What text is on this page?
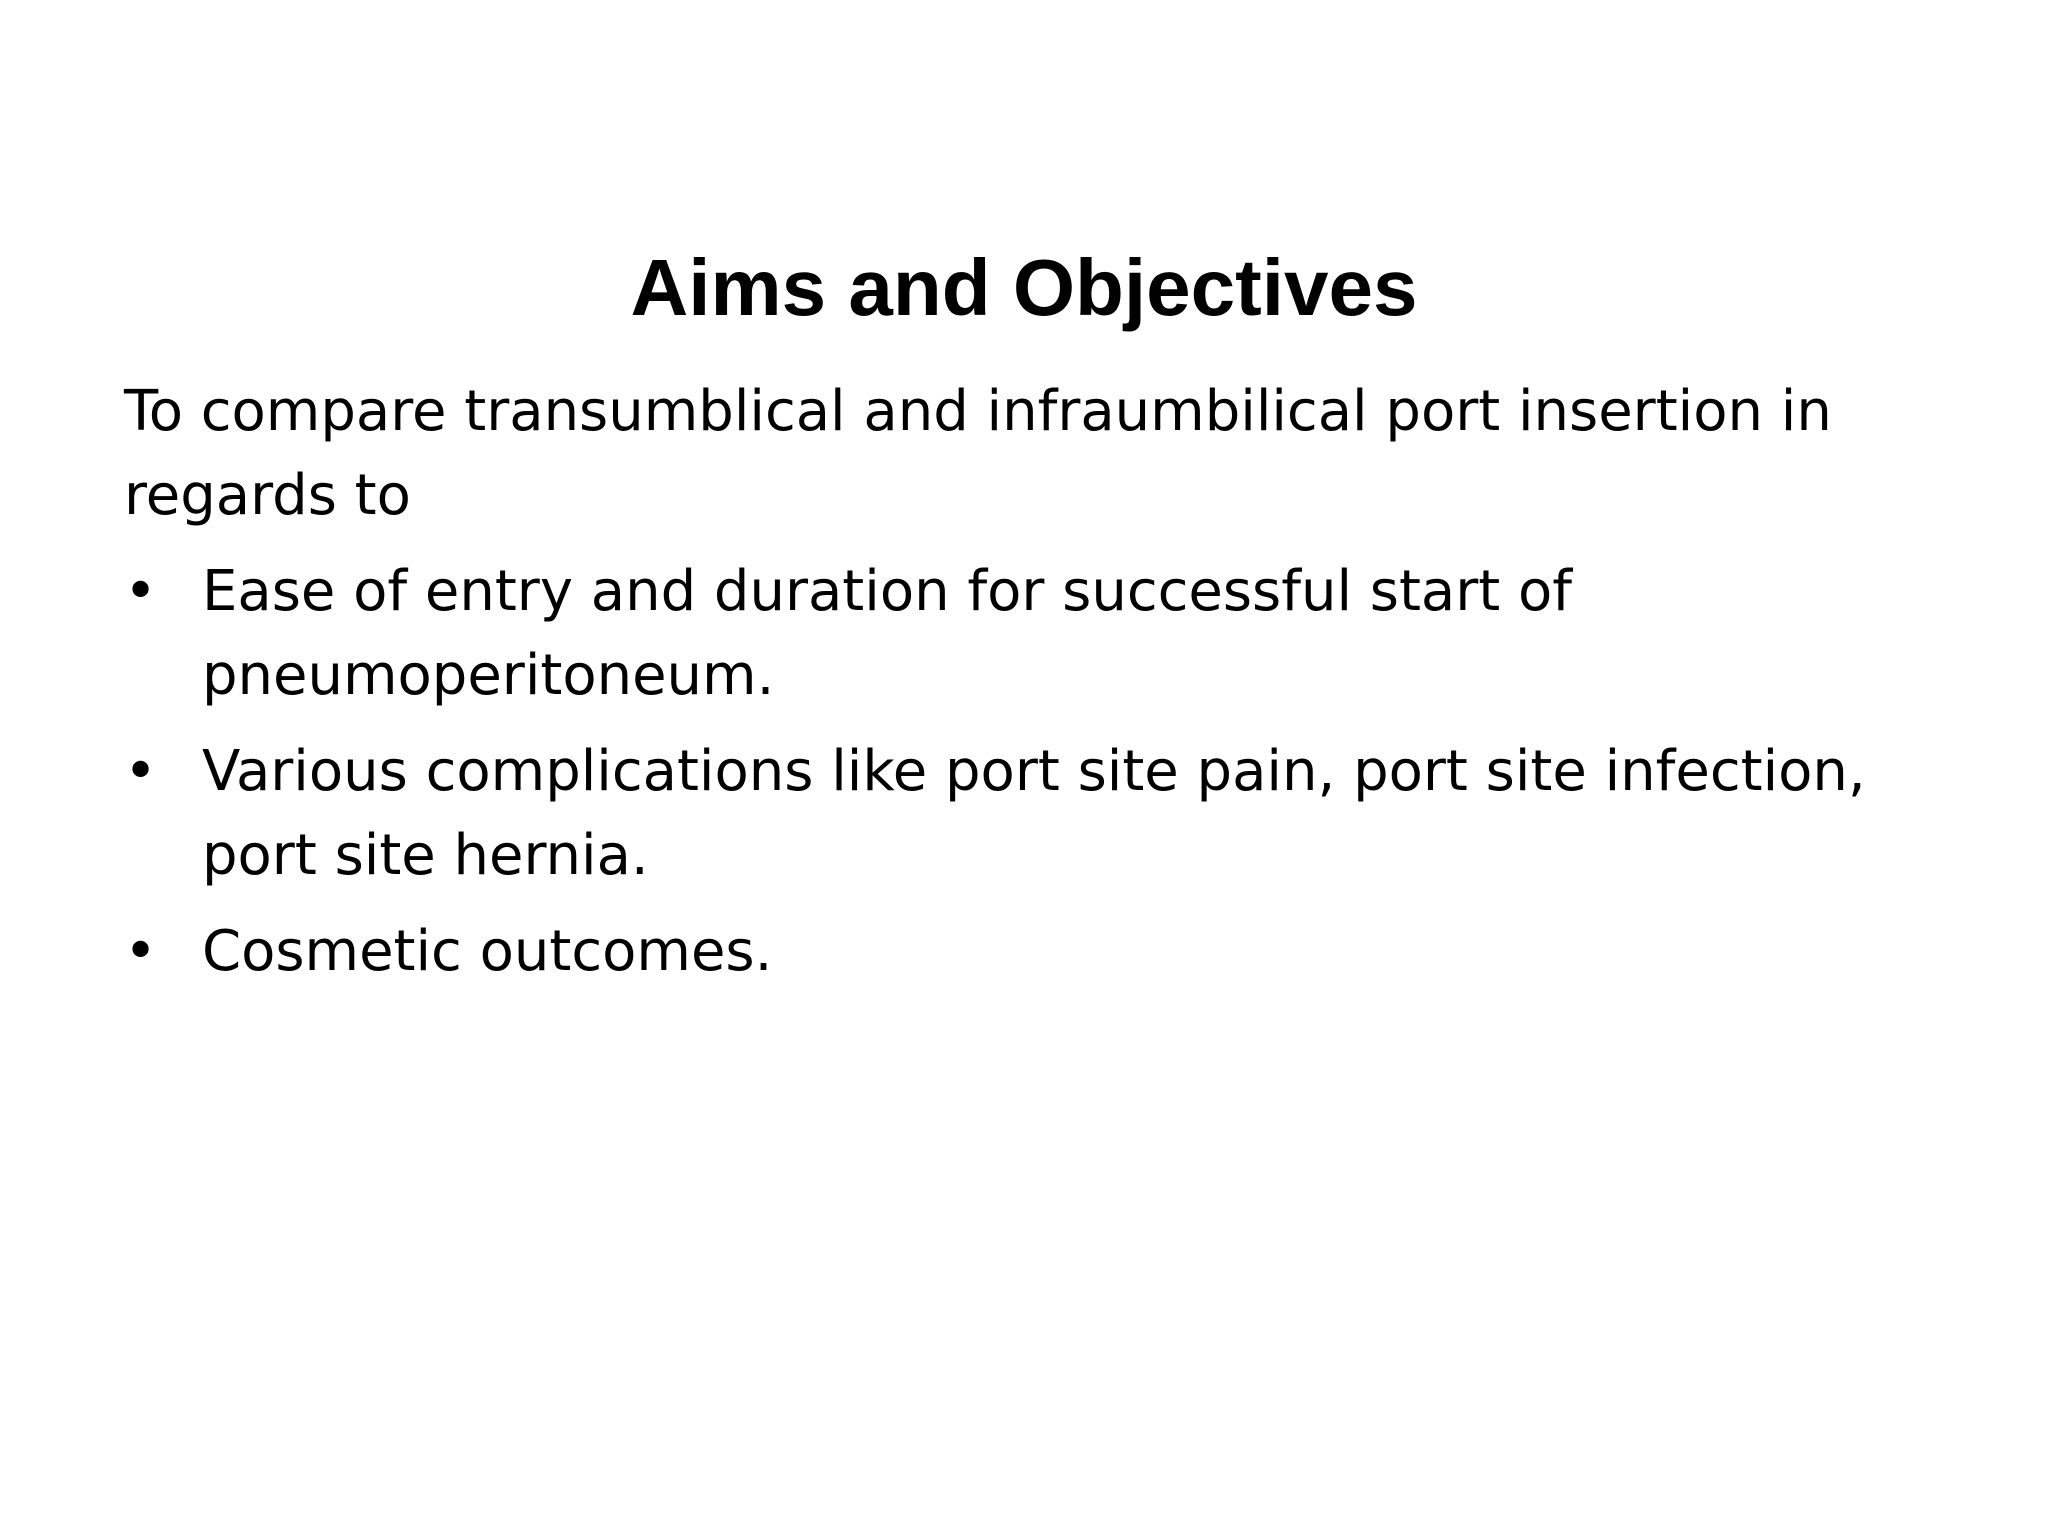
Aims and Objectives

To compare transumblical and infraumbilical port insertion in regards to

• Ease of entry and duration for successful start of pneumoperitoneum.
• Various complications like port site pain, port site infection, port site hernia.
• Cosmetic outcomes.
